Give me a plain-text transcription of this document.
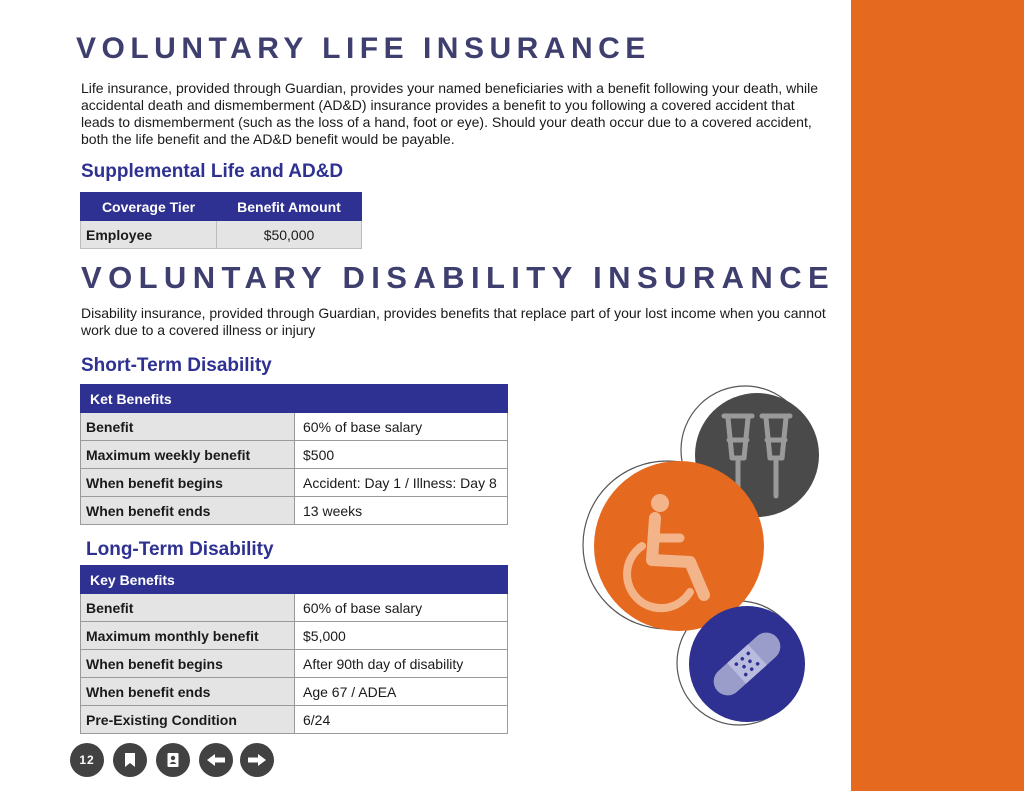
VOLUNTARY LIFE INSURANCE

Life insurance, provided through Guardian, provides your named beneficiaries with a benefit following your death, while accidental death and dismemberment (AD&D) insurance provides a benefit to you following a covered accident that leads to dismemberment (such as the loss of a hand, foot or eye). Should your death occur due to a covered accident, both the life benefit and the AD&D benefit would be payable.

Supplemental Life and AD&D
Coverage Tier	Benefit Amount
Employee	$50,000
VOLUNTARY DISABILITY INSURANCE

Disability insurance, provided through Guardian, provides benefits that replace part of your lost income when you cannot work due to a covered illness or injury

Short-Term Disability
Ket Benefits	
Benefit	60% of base salary
Maximum weekly benefit	$500
When benefit begins	Accident: Day 1 / Illness: Day 8
When benefit ends	13 weeks
Long-Term Disability
Key Benefits	
Benefit	60% of base salary
Maximum monthly benefit	$5,000
When benefit begins	After 90th day of disability
When benefit ends	Age 67 / ADEA
Pre-Existing Condition	6/24
12
